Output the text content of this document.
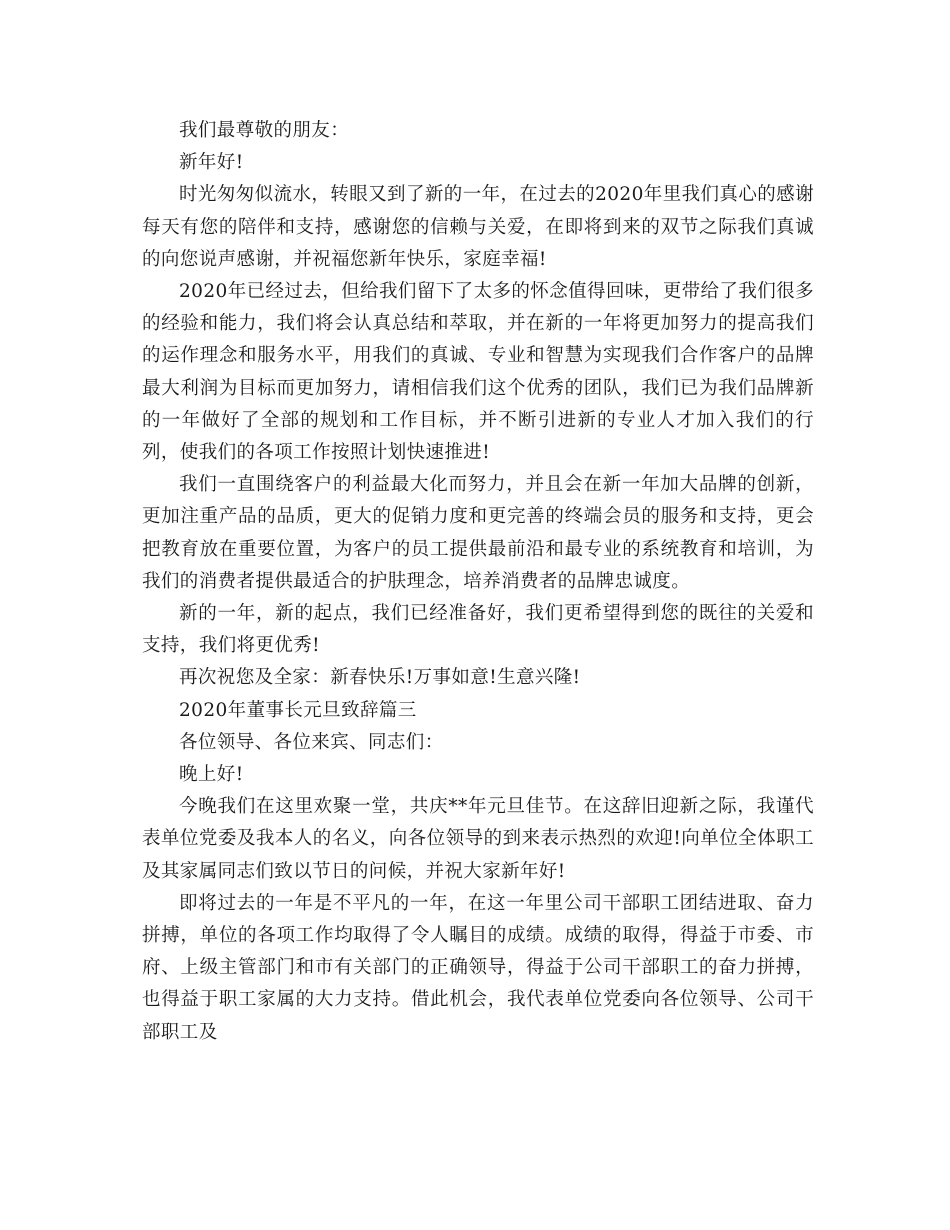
我们最尊敬的朋友：

新年好!

时光匆匆似流水，转眼又到了新的一年，在过去的2020年里我们真心的感谢每天有您的陪伴和支持，感谢您的信赖与关爱，在即将到来的双节之际我们真诚的向您说声感谢，并祝福您新年快乐，家庭幸福!

2020年已经过去，但给我们留下了太多的怀念值得回味，更带给了我们很多的经验和能力，我们将会认真总结和萃取，并在新的一年将更加努力的提高我们的运作理念和服务水平，用我们的真诚、专业和智慧为实现我们合作客户的品牌最大利润为目标而更加努力，请相信我们这个优秀的团队，我们已为我们品牌新的一年做好了全部的规划和工作目标，并不断引进新的专业人才加入我们的行列，使我们的各项工作按照计划快速推进!

我们一直围绕客户的利益最大化而努力，并且会在新一年加大品牌的创新，更加注重产品的品质，更大的促销力度和更完善的终端会员的服务和支持，更会把教育放在重要位置，为客户的员工提供最前沿和最专业的系统教育和培训，为我们的消费者提供最适合的护肤理念，培养消费者的品牌忠诚度。

新的一年，新的起点，我们已经准备好，我们更希望得到您的既往的关爱和支持，我们将更优秀!

再次祝您及全家：新春快乐!万事如意!生意兴隆!

2020年董事长元旦致辞篇三

各位领导、各位来宾、同志们：

晚上好!

今晚我们在这里欢聚一堂，共庆**年元旦佳节。在这辞旧迎新之际，我谨代表单位党委及我本人的名义，向各位领导的到来表示热烈的欢迎!向单位全体职工及其家属同志们致以节日的问候，并祝大家新年好!

即将过去的一年是不平凡的一年，在这一年里公司干部职工团结进取、奋力拼搏，单位的各项工作均取得了令人瞩目的成绩。成绩的取得，得益于市委、市府、上级主管部门和市有关部门的正确领导，得益于公司干部职工的奋力拼搏，也得益于职工家属的大力支持。借此机会，我代表单位党委向各位领导、公司干部职工及
